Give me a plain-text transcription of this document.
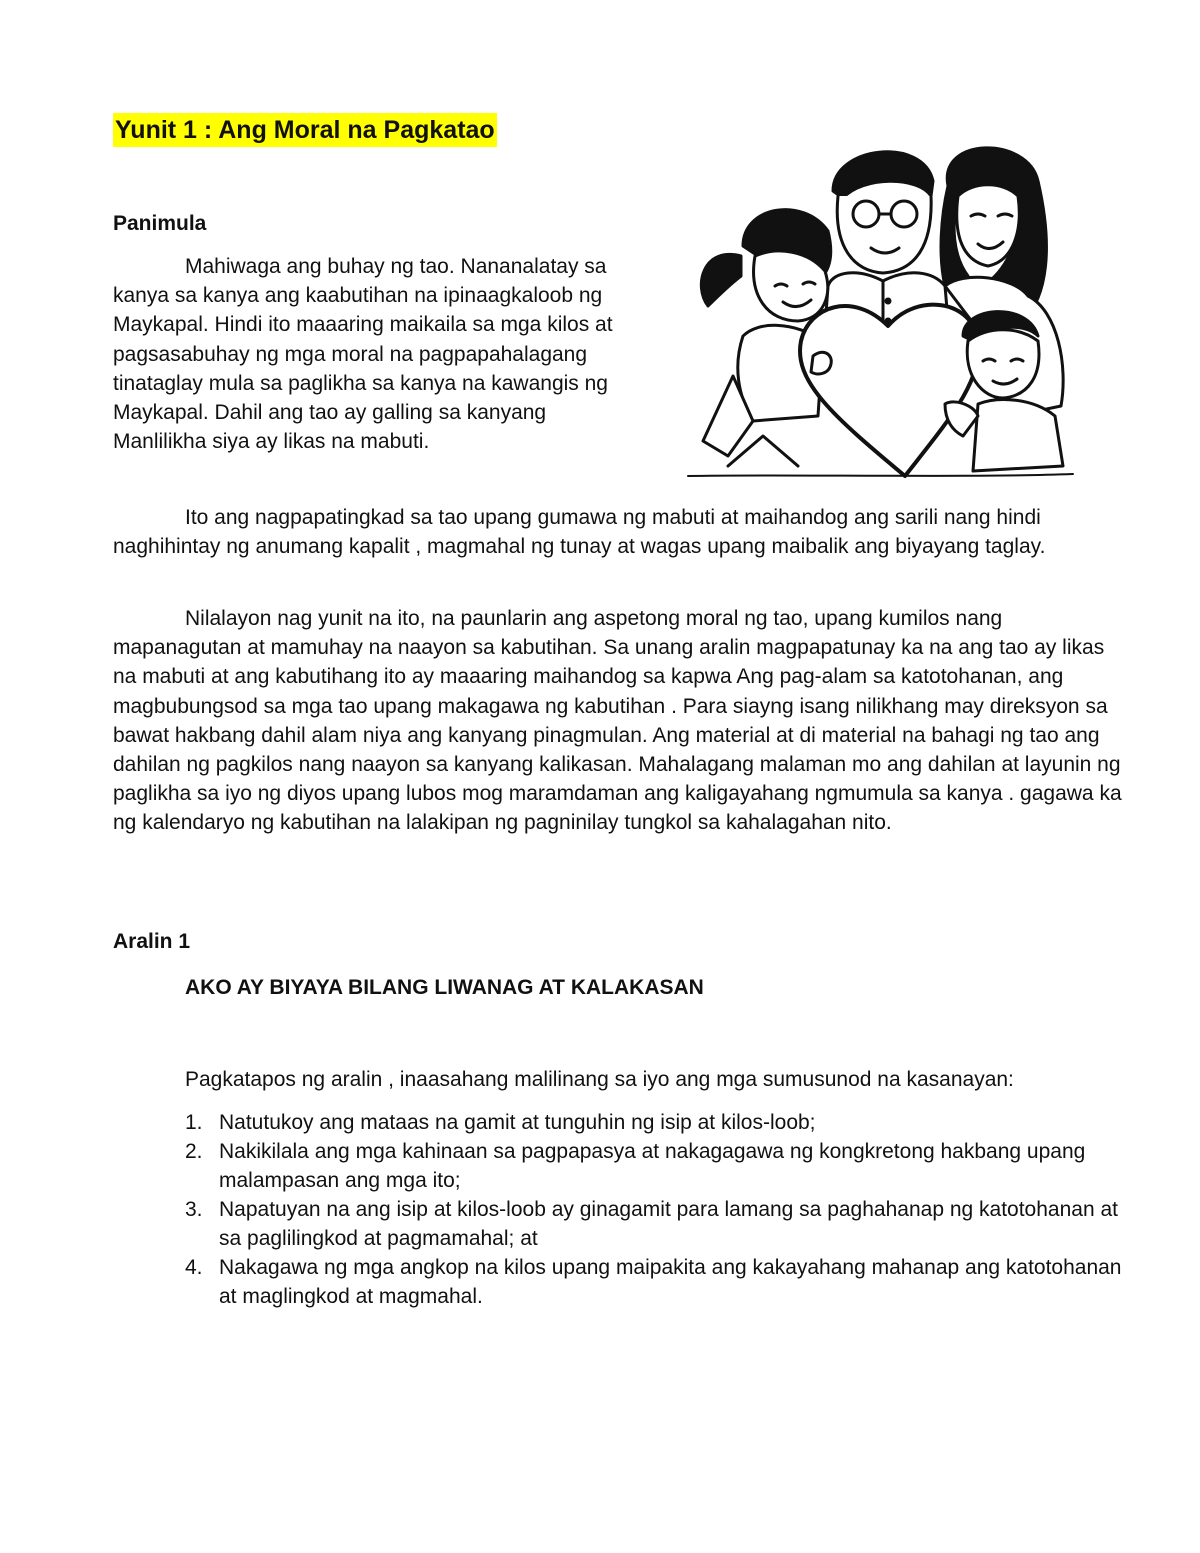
Yunit 1 : Ang Moral na Pagkatao
Panimula

Mahiwaga ang buhay ng tao. Nananalatay sa kanya sa kanya ang kaabutihan na ipinaagkaloob ng Maykapal. Hindi ito maaaring maikaila sa mga kilos at pagsasabuhay ng mga moral na pagpapahalagang tinataglay mula sa paglikha sa kanya na kawangis ng Maykapal. Dahil ang tao ay galling sa kanyang Manlilikha siya ay likas na mabuti.

Ito ang nagpapatingkad sa tao upang gumawa ng mabuti at maihandog ang sarili nang hindi naghihintay ng anumang kapalit , magmahal ng tunay at wagas upang maibalik ang biyayang taglay.

Nilalayon nag yunit na ito, na paunlarin ang aspetong moral ng tao, upang kumilos nang mapanagutan at mamuhay na naayon sa kabutihan. Sa unang aralin magpapatunay ka na ang tao ay likas na mabuti at ang kabutihang ito ay maaaring maihandog sa kapwa Ang pag-alam sa katotohanan, ang magbubungsod sa mga tao upang makagawa ng kabutihan . Para siayng isang nilikhang may direksyon sa bawat hakbang dahil alam niya ang kanyang pinagmulan. Ang material at di material na bahagi ng tao ang dahilan ng pagkilos nang naayon sa kanyang kalikasan. Mahalagang malaman mo ang dahilan at layunin ng paglikha sa iyo ng diyos upang lubos mog maramdaman ang kaligayahang ngmumula sa kanya . gagawa ka ng kalendaryo ng kabutihan na lalakipan ng pagninilay tungkol sa kahalagahan nito.

Aralin 1
AKO AY BIYAYA BILANG LIWANAG AT KALAKASAN
Pagkatapos ng aralin , inaasahang malilinang sa iyo ang mga sumusunod na kasanayan:
1. Natutukoy ang mataas na gamit at tunguhin ng isip at kilos-loob;
2. Nakikilala ang mga kahinaan sa pagpapasya at nakagagawa ng kongkretong hakbang upang malampasan ang mga ito;
3. Napatuyan na ang isip at kilos-loob ay ginagamit para lamang sa paghahanap ng katotohanan at sa paglilingkod at pagmamahal; at
4. Nakagawa ng mga angkop na kilos upang maipakita ang kakayahang mahanap ang katotohanan at maglingkod at magmahal.
